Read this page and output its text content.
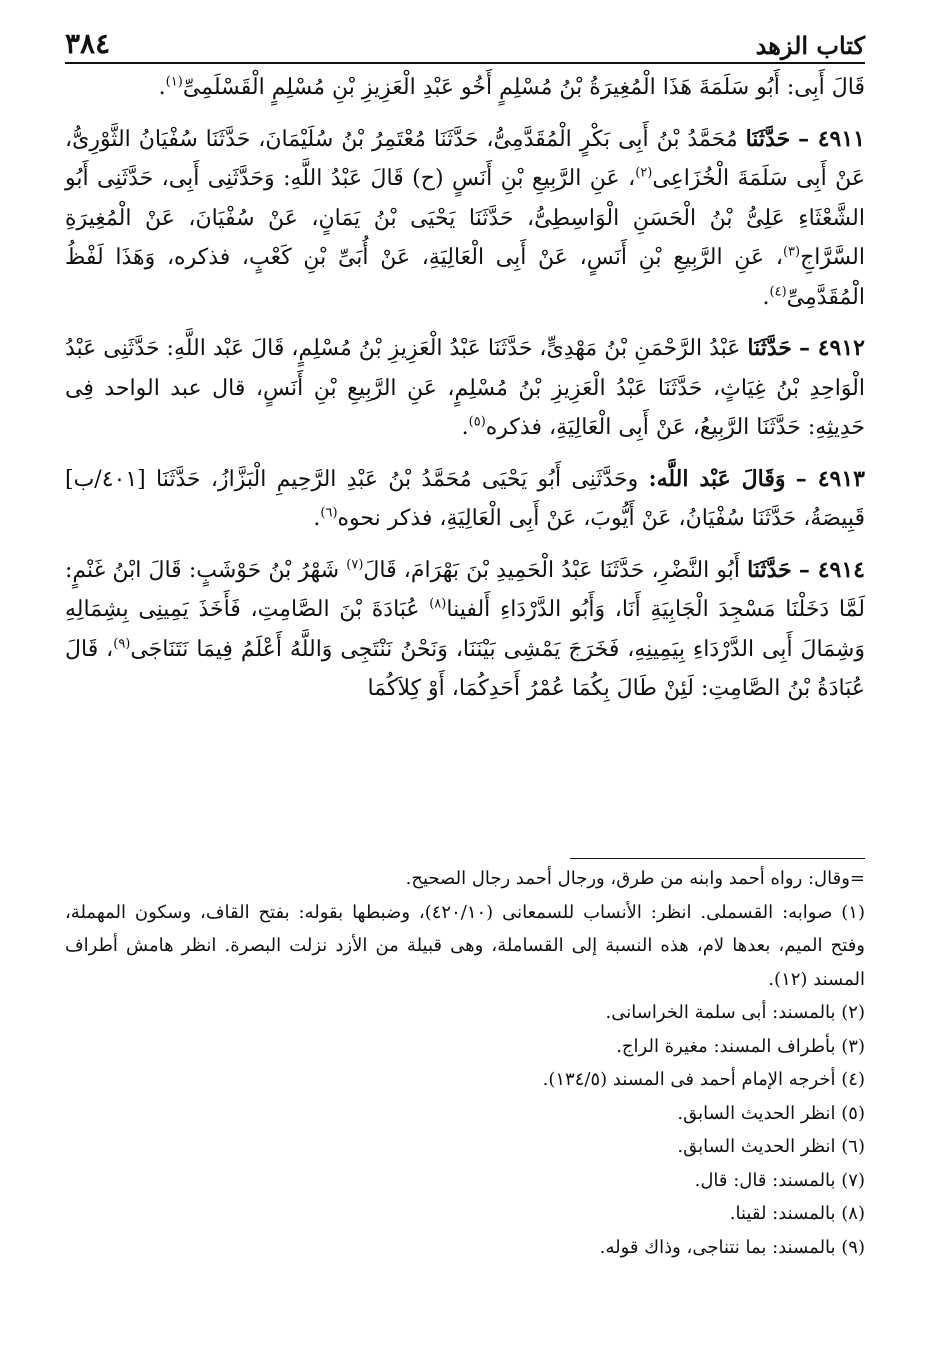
٣٨٤	كتاب الزهد

قَالَ أَبِى: أَبُو سَلَمَةَ هَذَا الْمُغِيرَةُ بْنُ مُسْلِمٍ أَخُو عَبْدِ الْعَزِيزِ بْنِ مُسْلِمٍ الْقَسْلَمِىِّ$^{(١)}$.

٤٩١١ – حَدَّثَنَا مُحَمَّدُ بْنُ أَبِى بَكْرٍ الْمُقَدَّمِىُّ، حَدَّثَنَا مُعْتَمِرُ بْنُ سُلَيْمَانَ، حَدَّثَنَا سُفْيَانُ الثَّوْرِىُّ، عَنْ أَبِى سَلَمَةَ الْخُزَاعِى$^{(٢)}$، عَنِ الرَّبِيعِ بْنِ أَنَسٍ (ح) قَالَ عَبْدُ اللَّهِ: وَحَدَّثَنِى أَبِى، حَدَّثَنِى أَبُو الشَّعْثَاءِ عَلِىُّ بْنُ الْحَسَنِ الْوَاسِطِىُّ، حَدَّثَنَا يَحْيَى بْنُ يَمَانٍ، عَنْ سُفْيَانَ، عَنْ الْمُغِيرَةِ السَّرَّاجِ$^{(٣)}$، عَنِ الرَّبِيعِ بْنِ أَنَسٍ، عَنْ أَبِى الْعَالِيَةِ، عَنْ أُبَىِّ بْنِ كَعْبٍ، فذكره، وَهَذَا لَفْظُ الْمُقَدَّمِىِّ$^{(٤)}$.

٤٩١٢ – حَدَّثَنَا عَبْدُ الرَّحْمَنِ بْنُ مَهْدِىٍّ، حَدَّثَنَا عَبْدُ الْعَزِيزِ بْنُ مُسْلِمٍ، قَالَ عَبْد اللَّهِ: حَدَّثَنِى عَبْدُ الْوَاحِدِ بْنُ غِيَاثٍ، حَدَّثَنَا عَبْدُ الْعَزِيزِ بْنُ مُسْلِمٍ، عَنِ الرَّبِيعِ بْنِ أَنَسٍ، قال عبد الواحد فِى حَدِيثِهِ: حَدَّثَنَا الرَّبِيعُ، عَنْ أَبِى الْعَالِيَةِ، فذكره$^{(٥)}$.

٤٩١٣ – وَقَالَ عَبْد اللَّه: وحَدَّثَنِى أَبُو يَحْيَى مُحَمَّدُ بْنُ عَبْدِ الرَّحِيمِ الْبَزَّازُ، حَدَّثَنَا [٤٠١/ب] قَبِيصَةُ، حَدَّثَنَا سُفْيَانُ، عَنْ أَيُّوبَ، عَنْ أَبِى الْعَالِيَةِ، فذكر نحوه$^{(٦)}$.

٤٩١٤ – حَدَّثَنَا أَبُو النَّضْرِ، حَدَّثَنَا عَبْدُ الْحَمِيدِ بْنَ بَهْرَامَ، قَالَ$^{(٧)}$ شَهْرُ بْنُ حَوْشَبٍ: قَالَ ابْنُ غَنْمٍ: لَمَّا دَخَلْنَا مَسْجِدَ الْجَابِيَةِ أَنَا، وَأَبُو الدَّرْدَاءِ أَلفينا$^{(٨)}$ عُبَادَةَ بْنَ الصَّامِتِ، فَأَخَذَ يَمِينِى بِشِمَالِهِ وَشِمَالَ أَبِى الدَّرْدَاءِ بِيَمِينِهِ، فَخَرَجَ يَمْشِى بَيْنَنَا، وَنَحْنُ نَنْتَجِى وَاللَّهُ أَعْلَمُ فِيمَا نَتَنَاجَى$^{(٩)}$، قَالَ عُبَادَةُ بْنُ الصَّامِتِ: لَئِنْ طَالَ بِكُمَا عُمْرُ أَحَدِكُمَا، أَوْ كِلاَكُمَا

=وقال: رواه أحمد وابنه من طرق، ورجال أحمد رجال الصحيح.

(١) صوابه: القسملى. انظر: الأنساب للسمعانى (٤٢٠/١٠)، وضبطها بقوله: بفتح القاف، وسكون المهملة، وفتح الميم، بعدها لام، هذه النسبة إلى القساملة، وهى قبيلة من الأزد نزلت البصرة. انظر هامش أطراف المسند (١٢).

(٢) بالمسند: أبى سلمة الخراسانى.

(٣) بأطراف المسند: مغيرة الراج.

(٤) أخرجه الإمام أحمد فى المسند (١٣٤/٥).

(٥) انظر الحديث السابق.

(٦) انظر الحديث السابق.

(٧) بالمسند: قال: قال.

(٨) بالمسند: لقينا.

(٩) بالمسند: بما نتناجى، وذاك قوله.
